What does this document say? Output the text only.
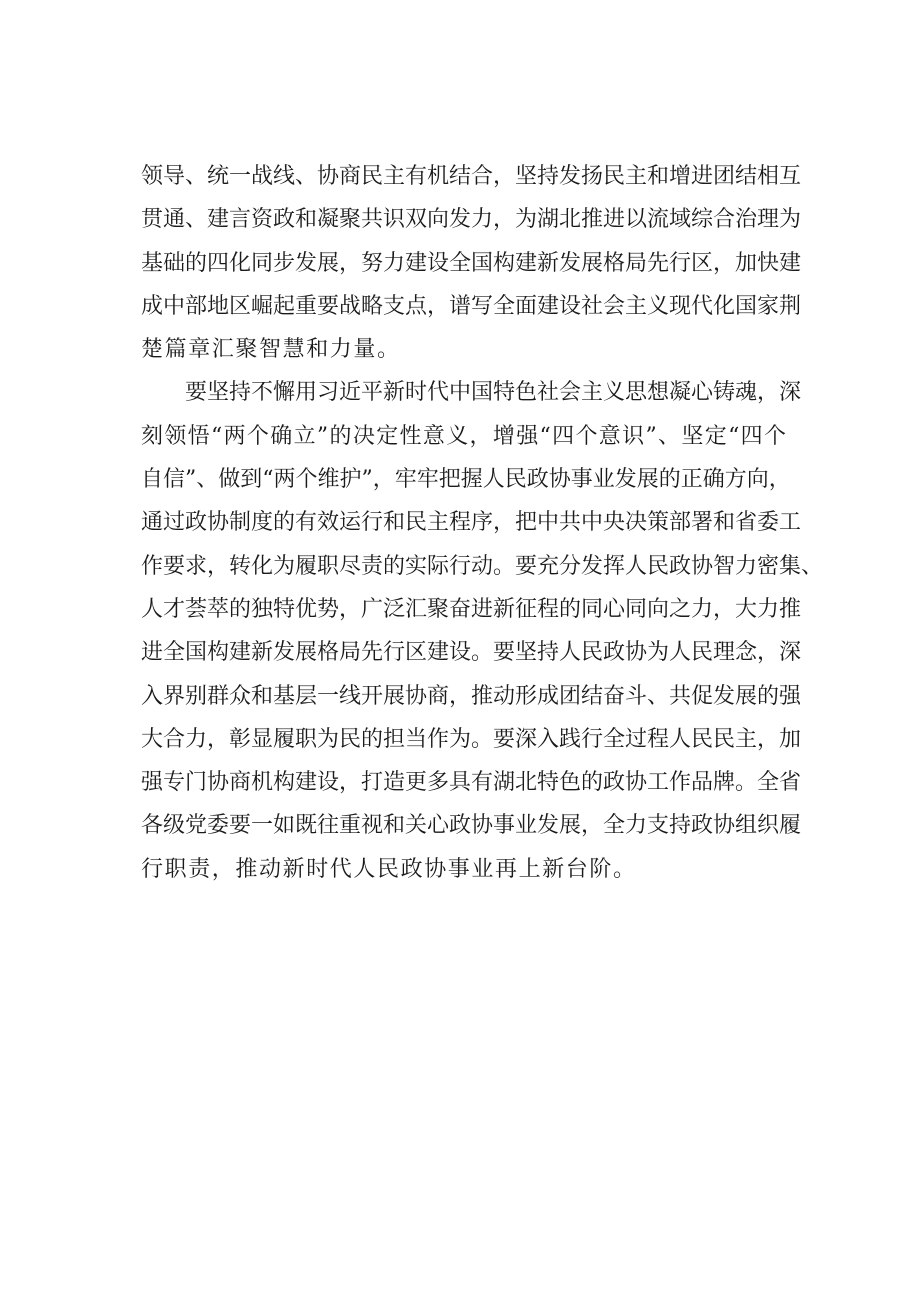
领导、统一战线、协商民主有机结合，坚持发扬民主和增进团结相互
贯通、建言资政和凝聚共识双向发力，为湖北推进以流域综合治理为
基础的四化同步发展，努力建设全国构建新发展格局先行区，加快建
成中部地区崛起重要战略支点，谱写全面建设社会主义现代化国家荆
楚篇章汇聚智慧和力量。
　　要坚持不懈用习近平新时代中国特色社会主义思想凝心铸魂，深
刻领悟“两个确立”的决定性意义，增强“四个意识”、坚定“四个
自信”、做到“两个维护”，牢牢把握人民政协事业发展的正确方向，
通过政协制度的有效运行和民主程序，把中共中央决策部署和省委工
作要求，转化为履职尽责的实际行动。要充分发挥人民政协智力密集、
人才荟萃的独特优势，广泛汇聚奋进新征程的同心同向之力，大力推
进全国构建新发展格局先行区建设。要坚持人民政协为人民理念，深
入界别群众和基层一线开展协商，推动形成团结奋斗、共促发展的强
大合力，彰显履职为民的担当作为。要深入践行全过程人民民主，加
强专门协商机构建设，打造更多具有湖北特色的政协工作品牌。全省
各级党委要一如既往重视和关心政协事业发展，全力支持政协组织履
行职责，推动新时代人民政协事业再上新台阶。
